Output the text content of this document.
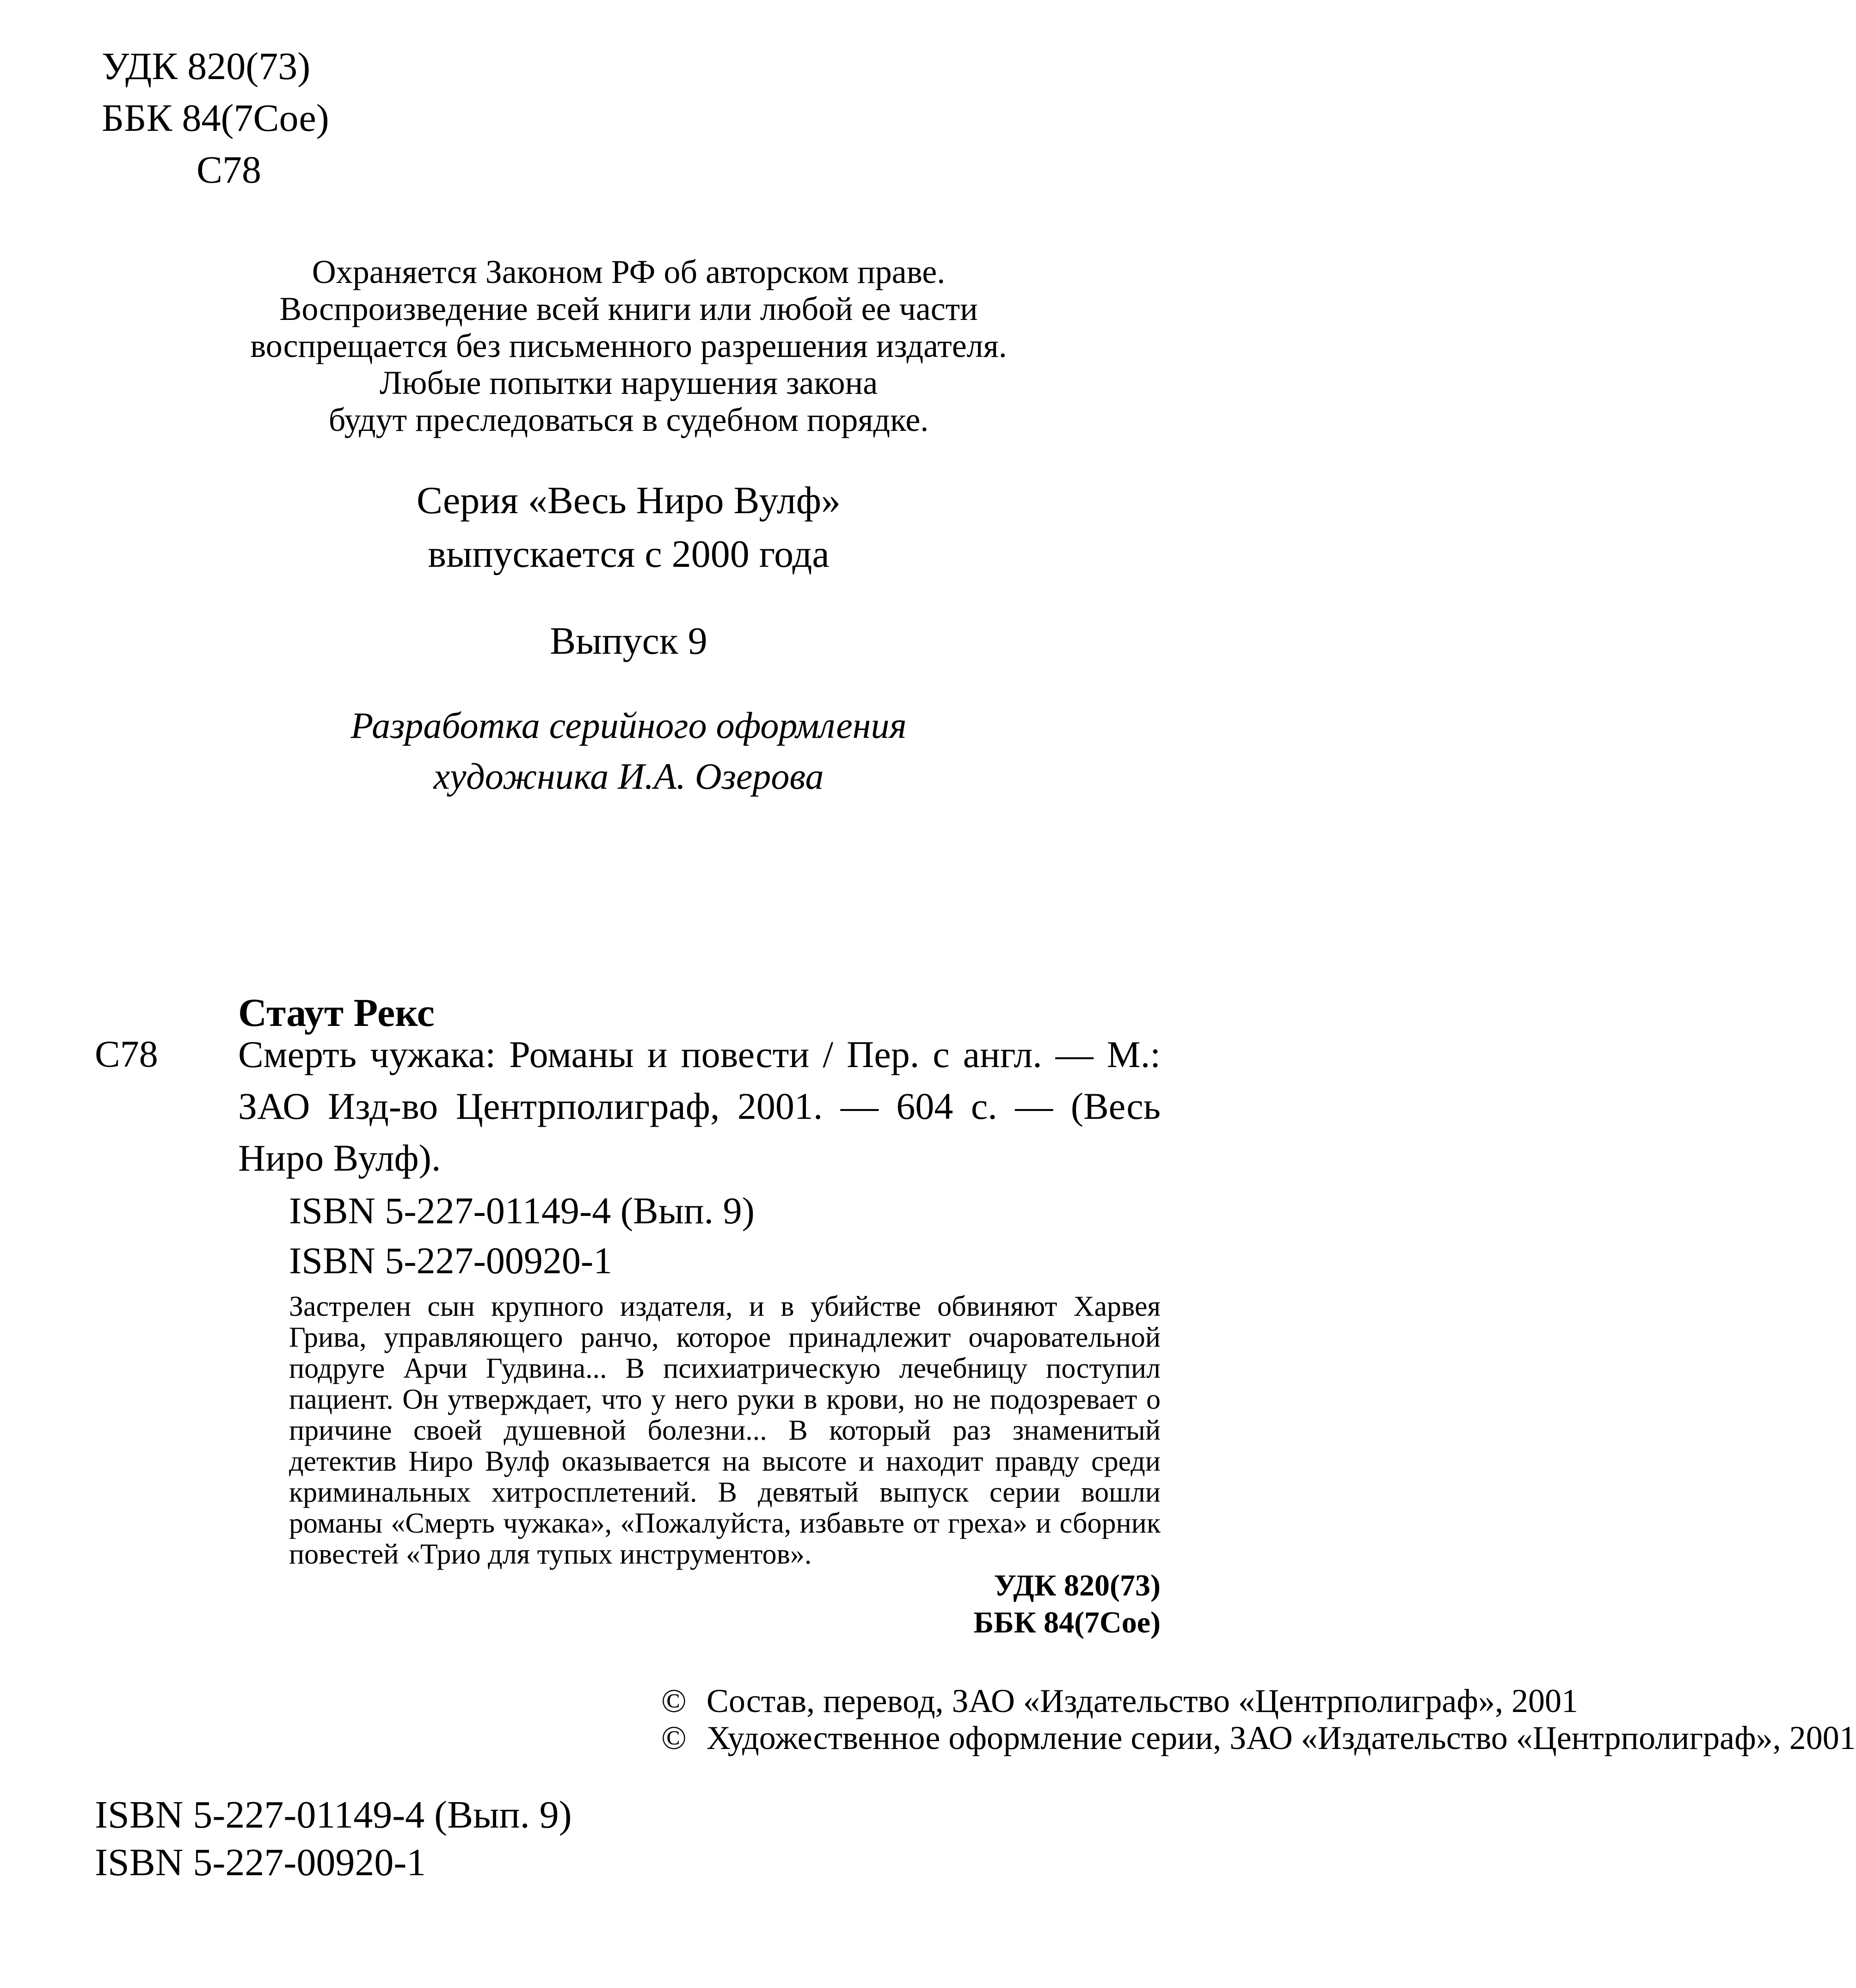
УДК 820(73)
ББК 84(7Сое)
С78
Охраняется Законом РФ об авторском праве.
Воспроизведение всей книги или любой ее части
воспрещается без письменного разрешения издателя.
Любые попытки нарушения закона
будут преследоваться в судебном порядке.
Серия «Весь Ниро Вулф»
выпускается с 2000 года
Выпуск 9
Разработка серийного оформления
художника И.А. Озерова
Стаут Рекс
С78 Смерть чужака: Романы и повести / Пер. с англ. — М.: ЗАО Изд-во Центрполиграф, 2001. — 604 с. — (Весь Ниро Вулф).
ISBN 5-227-01149-4 (Вып. 9)
ISBN 5-227-00920-1
Застрелен сын крупного издателя, и в убийстве обвиняют Харвея Грива, управляющего ранчо, которое принадлежит очаровательной подруге Арчи Гудвина... В психиатрическую лечебницу поступил пациент. Он утверждает, что у него руки в крови, но не подозревает о причине своей душевной болезни... В который раз знаменитый детектив Ниро Вулф оказывается на высоте и находит правду среди криминальных хитросплетений. В девятый выпуск серии вошли романы «Смерть чужака», «Пожалуйста, избавьте от греха» и сборник повестей «Трио для тупых инструментов».
УДК 820(73)
ББК 84(7Сое)
© Состав, перевод, ЗАО «Издательство «Центрполиграф», 2001
© Художественное оформление серии, ЗАО «Издательство «Центрполиграф», 2001
ISBN 5-227-01149-4 (Вып. 9)
ISBN 5-227-00920-1
